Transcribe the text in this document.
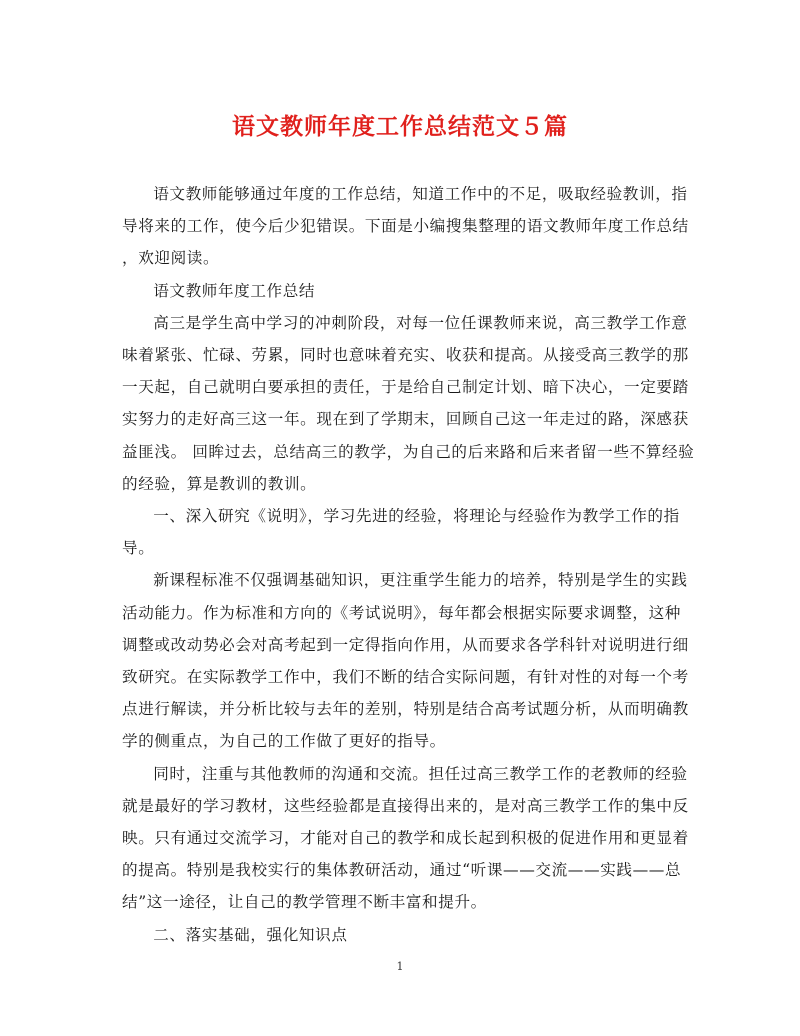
语文教师年度工作总结范文５篇

语文教师能够通过年度的工作总结，知道工作中的不足，吸取经验教训，指
导将来的工作，使今后少犯错误。下面是小编搜集整理的语文教师年度工作总结
，欢迎阅读。

语文教师年度工作总结

高三是学生高中学习的冲刺阶段，对每一位任课教师来说，高三教学工作意
味着紧张、忙碌、劳累，同时也意味着充实、收获和提高。从接受高三教学的那
一天起，自己就明白要承担的责任，于是给自己制定计划、暗下决心，一定要踏
实努力的走好高三这一年。现在到了学期末，回顾自己这一年走过的路，深感获
益匪浅。 回眸过去，总结高三的教学，为自己的后来路和后来者留一些不算经验
的经验，算是教训的教训。

一、深入研究《说明》，学习先进的经验，将理论与经验作为教学工作的指
导。

新课程标准不仅强调基础知识，更注重学生能力的培养，特别是学生的实践
活动能力。作为标准和方向的《考试说明》，每年都会根据实际要求调整，这种
调整或改动势必会对高考起到一定得指向作用，从而要求各学科针对说明进行细
致研究。在实际教学工作中，我们不断的结合实际问题，有针对性的对每一个考
点进行解读，并分析比较与去年的差别，特别是结合高考试题分析，从而明确教
学的侧重点，为自己的工作做了更好的指导。

同时，注重与其他教师的沟通和交流。担任过高三教学工作的老教师的经验
就是最好的学习教材，这些经验都是直接得出来的，是对高三教学工作的集中反
映。只有通过交流学习，才能对自己的教学和成长起到积极的促进作用和更显着
的提高。特别是我校实行的集体教研活动，通过“听课——交流——实践——总
结”这一途径，让自己的教学管理不断丰富和提升。

二、落实基础，强化知识点

1
